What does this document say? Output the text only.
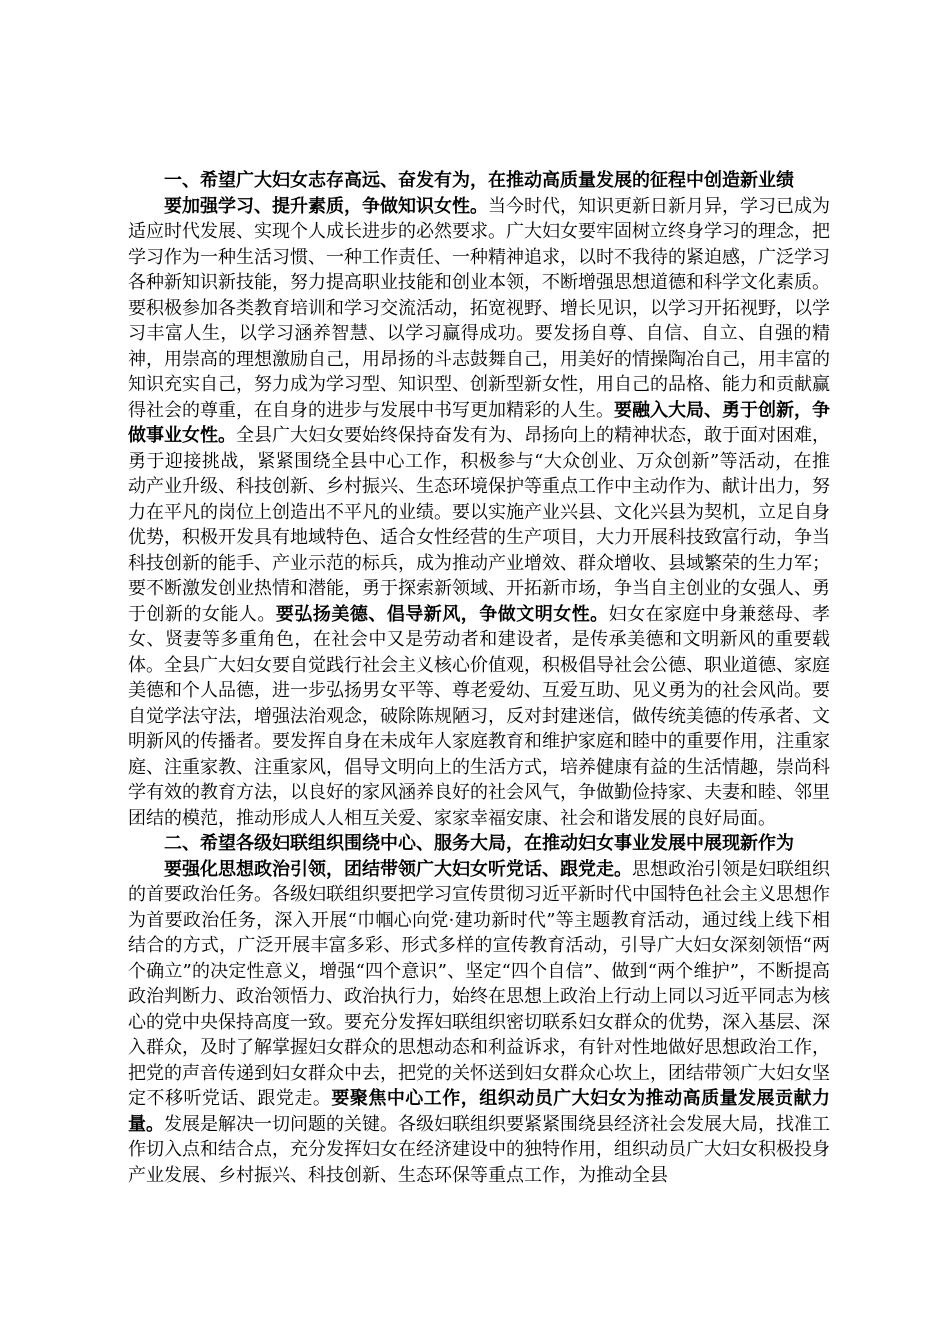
一、希望广大妇女志存高远、奋发有为，在推动高质量发展的征程中创造新业绩

要加强学习、提升素质，争做知识女性。当今时代，知识更新日新月异，学习已成为适应时代发展、实现个人成长进步的必然要求。广大妇女要牢固树立终身学习的理念，把学习作为一种生活习惯、一种工作责任、一种精神追求，以时不我待的紧迫感，广泛学习各种新知识新技能，努力提高职业技能和创业本领，不断增强思想道德和科学文化素质。要积极参加各类教育培训和学习交流活动，拓宽视野、增长见识，以学习开拓视野，以学习丰富人生，以学习涵养智慧、以学习赢得成功。要发扬自尊、自信、自立、自强的精神，用崇高的理想激励自己，用昂扬的斗志鼓舞自己，用美好的情操陶冶自己，用丰富的知识充实自己，努力成为学习型、知识型、创新型新女性，用自己的品格、能力和贡献赢得社会的尊重，在自身的进步与发展中书写更加精彩的人生。要融入大局、勇于创新，争做事业女性。全县广大妇女要始终保持奋发有为、昂扬向上的精神状态，敢于面对困难，勇于迎接挑战，紧紧围绕全县中心工作，积极参与“大众创业、万众创新”等活动，在推动产业升级、科技创新、乡村振兴、生态环境保护等重点工作中主动作为、献计出力，努力在平凡的岗位上创造出不平凡的业绩。要以实施产业兴县、文化兴县为契机，立足自身优势，积极开发具有地域特色、适合女性经营的生产项目，大力开展科技致富行动，争当科技创新的能手、产业示范的标兵，成为推动产业增效、群众增收、县域繁荣的生力军；要不断激发创业热情和潜能，勇于探索新领域、开拓新市场，争当自主创业的女强人、勇于创新的女能人。要弘扬美德、倡导新风，争做文明女性。妇女在家庭中身兼慈母、孝女、贤妻等多重角色，在社会中又是劳动者和建设者，是传承美德和文明新风的重要载体。全县广大妇女要自觉践行社会主义核心价值观，积极倡导社会公德、职业道德、家庭美德和个人品德，进一步弘扬男女平等、尊老爱幼、互爱互助、见义勇为的社会风尚。要自觉学法守法，增强法治观念，破除陈规陋习，反对封建迷信，做传统美德的传承者、文明新风的传播者。要发挥自身在未成年人家庭教育和维护家庭和睦中的重要作用，注重家庭、注重家教、注重家风，倡导文明向上的生活方式，培养健康有益的生活情趣，崇尚科学有效的教育方法，以良好的家风涵养良好的社会风气，争做勤俭持家、夫妻和睦、邻里团结的模范，推动形成人人相互关爱、家家幸福安康、社会和谐发展的良好局面。

二、希望各级妇联组织围绕中心、服务大局，在推动妇女事业发展中展现新作为

要强化思想政治引领，团结带领广大妇女听党话、跟党走。思想政治引领是妇联组织的首要政治任务。各级妇联组织要把学习宣传贯彻习近平新时代中国特色社会主义思想作为首要政治任务，深入开展“巾帼心向党·建功新时代”等主题教育活动，通过线上线下相结合的方式，广泛开展丰富多彩、形式多样的宣传教育活动，引导广大妇女深刻领悟“两个确立”的决定性意义，增强“四个意识”、坚定“四个自信”、做到“两个维护”，不断提高政治判断力、政治领悟力、政治执行力，始终在思想上政治上行动上同以习近平同志为核心的党中央保持高度一致。要充分发挥妇联组织密切联系妇女群众的优势，深入基层、深入群众，及时了解掌握妇女群众的思想动态和利益诉求，有针对性地做好思想政治工作，把党的声音传递到妇女群众中去，把党的关怀送到妇女群众心坎上，团结带领广大妇女坚定不移听党话、跟党走。要聚焦中心工作，组织动员广大妇女为推动高质量发展贡献力量。发展是解决一切问题的关键。各级妇联组织要紧紧围绕县经济社会发展大局，找准工作切入点和结合点，充分发挥妇女在经济建设中的独特作用，组织动员广大妇女积极投身产业发展、乡村振兴、科技创新、生态环保等重点工作，为推动全县
